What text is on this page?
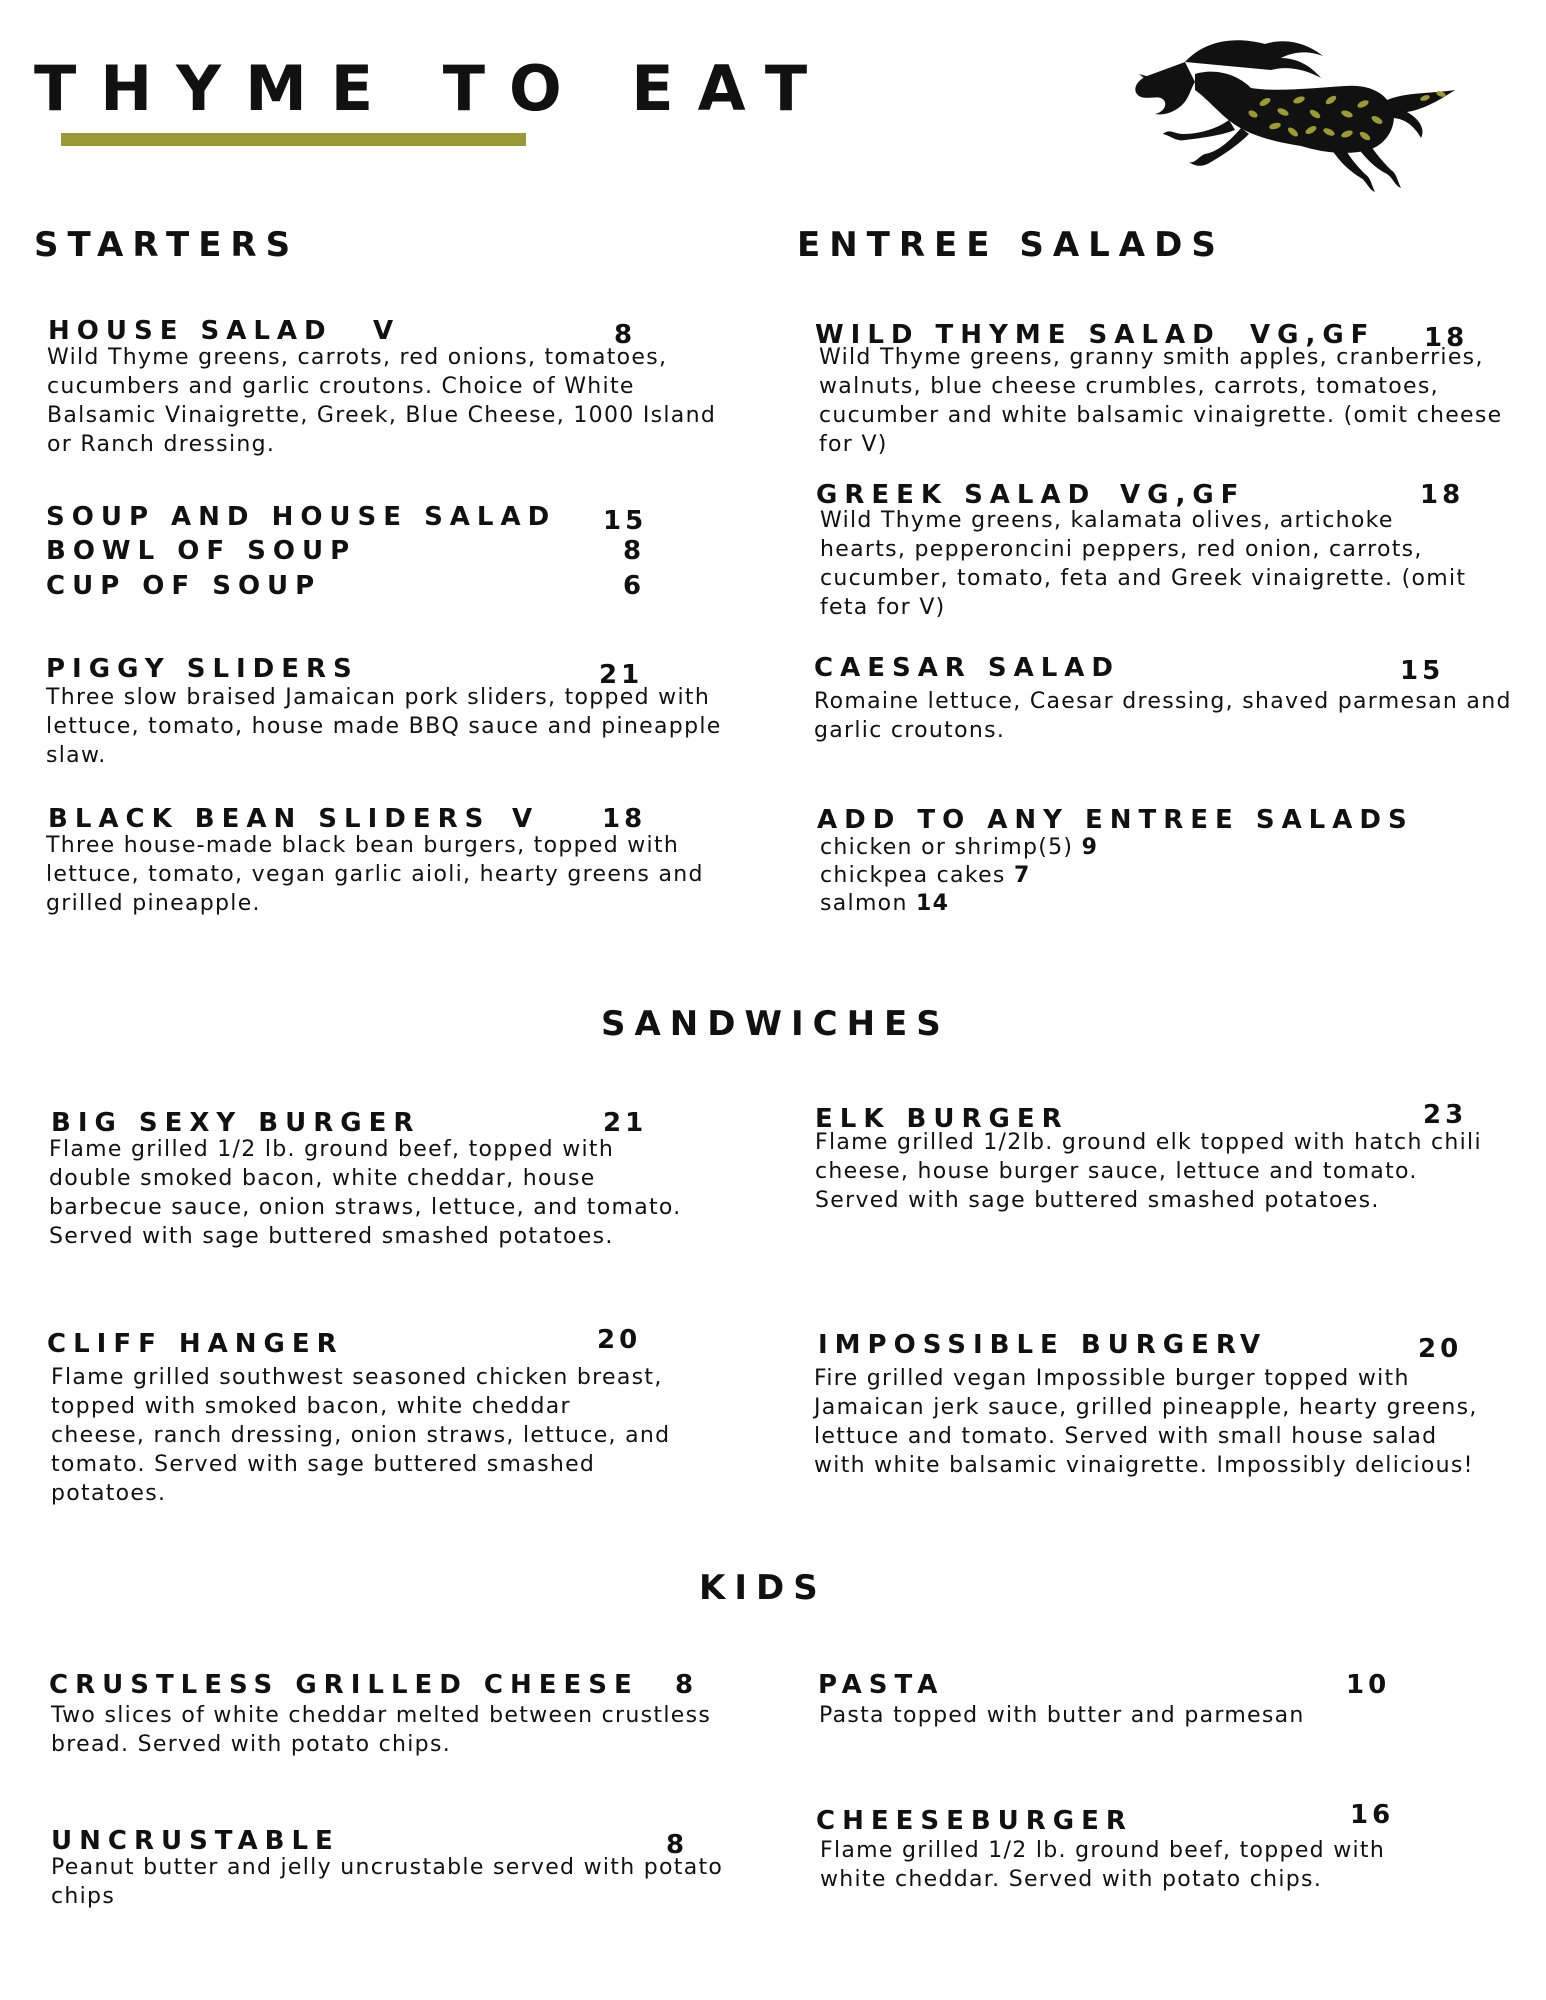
THYME TO EAT
STARTERS
HOUSE SALAD V	8
Wild Thyme greens, carrots, red onions, tomatoes, cucumbers and garlic croutons. Choice of White Balsamic Vinaigrette, Greek, Blue Cheese, 1000 Island or Ranch dressing.
SOUP AND HOUSE SALAD 15
BOWL OF SOUP	8
CUP OF SOUP	6
PIGGY SLIDERS	21
Three slow braised Jamaican pork sliders, topped with lettuce, tomato, house made BBQ sauce and pineapple slaw.
BLACK BEAN SLIDERS V 18
Three house-made black bean burgers, topped with lettuce, tomato, vegan garlic aioli, hearty greens and grilled pineapple.
ENTREE SALADS
WILD THYME SALAD VG,GF 18
Wild Thyme greens, granny smith apples, cranberries, walnuts, blue cheese crumbles, carrots, tomatoes, cucumber and white balsamic vinaigrette. (omit cheese for V)
GREEK SALAD VG,GF	18
Wild Thyme greens, kalamata olives, artichoke hearts, pepperoncini peppers, red onion, carrots, cucumber, tomato, feta and Greek vinaigrette. (omit feta for V)
CAESAR SALAD	15
Romaine lettuce, Caesar dressing, shaved parmesan and garlic croutons.
ADD TO ANY ENTREE SALADS
chicken or shrimp(5) 9
chickpea cakes 7
salmon 14
SANDWICHES
BIG SEXY BURGER	21
Flame grilled 1/2 lb. ground beef, topped with double smoked bacon, white cheddar, house barbecue sauce, onion straws, lettuce, and tomato. Served with sage buttered smashed potatoes.
ELK BURGER	23
Flame grilled 1/2lb. ground elk topped with hatch chili cheese, house burger sauce, lettuce and tomato. Served with sage buttered smashed potatoes.
CLIFF HANGER	20
Flame grilled southwest seasoned chicken breast, topped with smoked bacon, white cheddar cheese, ranch dressing, onion straws, lettuce, and tomato. Served with sage buttered smashed potatoes.
IMPOSSIBLE BURGER
V	20
Fire grilled vegan Impossible burger topped with Jamaican jerk sauce, grilled pineapple, hearty greens, lettuce and tomato. Served with small house salad with white balsamic vinaigrette. Impossibly delicious!
KIDS
CRUSTLESS GRILLED CHEESE 8
Two slices of white cheddar melted between crustless bread. Served with potato chips.
PASTA	10
Pasta topped with butter and parmesan
UNCRUSTABLE	8
Peanut butter and jelly uncrustable served with potato chips
CHEESEBURGER	16
Flame grilled 1/2 lb. ground beef, topped with white cheddar. Served with potato chips.
